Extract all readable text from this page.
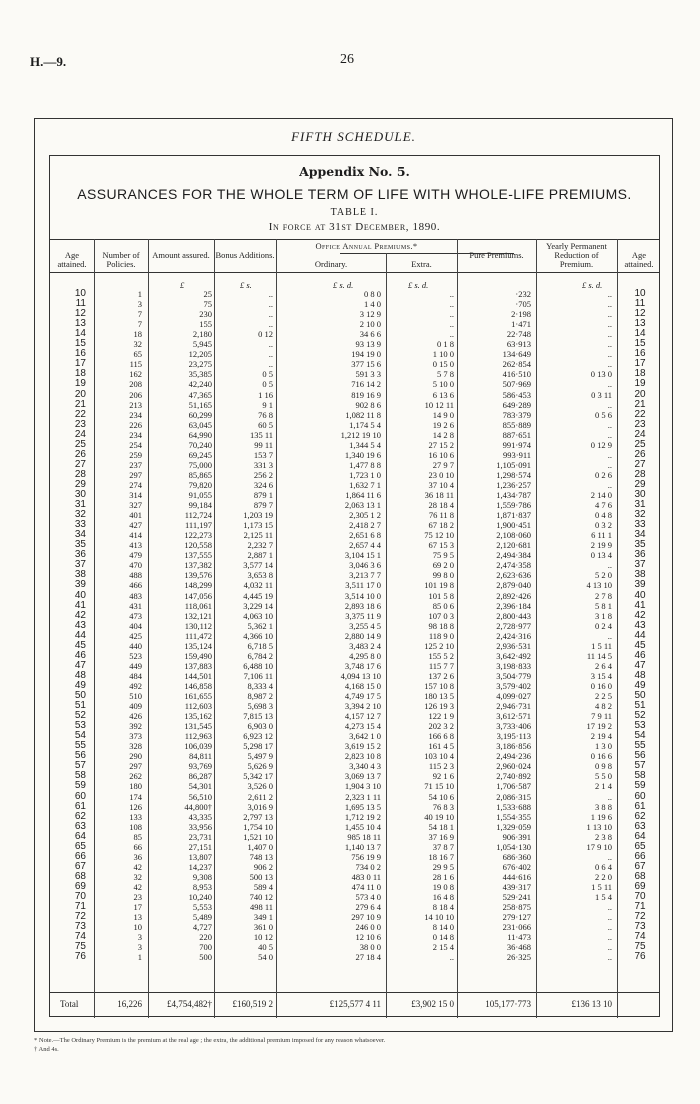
H.—9.	26
FIFTH SCHEDULE.
Appendix No. 5.
ASSURANCES FOR THE WHOLE TERM OF LIFE WITH WHOLE-LIFE PREMIUMS.
TABLE I.
In force at 31st December, 1890.
Age attained.
Number of Policies.
Amount assured. Bonus Additions.
Office Annual Premiums.*
Ordinary.	Extra.
Pure Premiums.
Yearly Permanent Reduction of Premium.
Age attained.
£	£ s.	£ s. d.	£ s. d.	£ s. d.
10	1	25	..	0 8 0	..	·232	..	10
11	3	75	..	1 4 0	..	·705	..	11
12	7	230	..	3 12 9	..	2·198	..	12
13	7	155	..	2 10 0	..	1·471	..	13
14	18	2,180	0 12	34 6 6	..	22·748	..	14
15	32	5,945	..	93 13 9	0 1 8	63·913	..	15
16	65	12,205	..	194 19 0	1 10 0	134·649	..	16
17	115	23,275	..	377 15 6	0 15 0	262·854	..	17
18	162	35,385	0 5	591 3 3	5 7 8	416·510	0 13 0	18
19	208	42,240	0 5	716 14 2	5 10 0	507·969	..	19
20	206	47,365	1 16	819 16 9	6 13 6	586·453	0 3 11	20
21	213	51,165	9 1	902 8 6	10 12 11	649·289	..	21
22	234	60,299	76 8	1,082 11 8	14 9 0	783·379	0 5 6	22
23	226	63,045	60 5	1,174 5 4	19 2 6	855·889	..	23
24	234	64,990	135 11	1,212 19 10	14 2 8	887·651	..	24
25	254	70,240	99 11	1,344 5 4	27 15 2	991·974	0 12 9	25
26	259	69,245	153 7	1,340 19 6	16 10 6	993·911	..	26
27	237	75,000	331 3	1,477 8 8	27 9 7	1,105·091	..	27
28	297	85,865	256 2	1,723 1 0	23 0 10	1,298·574	0 2 6	28
29	274	79,820	324 6	1,632 7 1	37 10 4	1,236·257	..	29
30	314	91,055	879 1	1,864 11 6	36 18 11	1,434·787	2 14 0	30
31	327	99,184	879 7	2,063 13 1	28 18 4	1,559·786	4 7 6	31
32	401	112,724	1,203 19	2,305 1 2	76 11 8	1,871·837	0 4 8	32
33	427	111,197	1,173 15	2,418 2 7	67 18 2	1,900·451	0 3 2	33
34	414	122,273	2,125 11	2,651 6 8	75 12 10	2,108·060	6 11 1	34
35	413	120,558	2,232 7	2,657 4 4	67 15 3	2,120·681	2 19 9	35
36	479	137,555	2,887 1	3,104 15 1	75 9 5	2,494·384	0 13 4	36
37	470	137,382	3,577 14	3,046 3 6	69 2 0	2,474·358	..	37
38	488	139,576	3,653 8	3,213 7 7	99 8 0	2,623·636	5 2 0	38
39	466	148,299	4,032 11	3,511 17 0	101 19 8	2,879·040	4 13 10	39
40	483	147,056	4,445 19	3,514 10 0	101 5 8	2,892·426	2 7 8	40
41	431	118,061	3,229 14	2,893 18 6	85 0 6	2,396·184	5 8 1	41
42	473	132,121	4,063 10	3,375 11 9	107 0 3	2,800·443	3 1 8	42
43	404	130,112	5,362 1	3,255 4 5	98 18 8	2,728·977	0 2 4	43
44	425	111,472	4,366 10	2,880 14 9	118 9 0	2,424·316	..	44
45	440	135,124	6,718 5	3,483 2 4	125 2 10	2,936·531	1 5 11	45
46	523	159,490	6,784 2	4,295 8 0	155 5 2	3,642·492	11 14 5	46
47	449	137,883	6,488 10	3,748 17 6	115 7 7	3,198·833	2 6 4	47
48	484	144,501	7,106 11	4,094 13 10	137 2 6	3,504·779	3 15 4	48
49	492	146,858	8,333 4	4,168 15 0	157 10 8	3,579·402	0 16 0	49
50	510	161,655	8,987 2	4,749 17 5	180 13 5	4,099·027	2 2 5	50
51	409	112,603	5,698 3	3,394 2 10	126 19 3	2,946·731	4 8 2	51
52	426	135,162	7,815 13	4,157 12 7	122 1 9	3,612·571	7 9 11	52
53	392	131,545	6,903 0	4,273 15 4	202 3 2	3,733·406	17 19 2	53
54	373	112,963	6,923 12	3,642 1 0	166 6 8	3,195·113	2 19 4	54
55	328	106,039	5,298 17	3,619 15 2	161 4 5	3,186·856	1 3 0	55
56	290	84,811	5,497 9	2,823 10 8	103 10 4	2,494·236	0 16 6	56
57	297	93,769	5,626 9	3,340 4 3	115 2 3	2,960·024	0 9 8	57
58	262	86,287	5,342 17	3,069 13 7	92 1 6	2,740·892	5 5 0	58
59	180	54,301	3,526 0	1,904 3 10	71 15 10	1,706·587	2 1 4	59
60	174	56,510	2,611 2	2,323 1 11	54 10 6	2,086·315	..	60
61	126	44,800†	3,016 9	1,695 13 5	76 8 3	1,533·688	3 8 8	61
62	133	43,335	2,797 13	1,712 19 2	40 19 10	1,554·355	1 19 6	62
63	108	33,956	1,754 10	1,455 10 4	54 18 1	1,329·059	1 13 10	63
64	85	23,731	1,521 10	985 18 11	37 16 9	906·391	2 3 8	64
65	66	27,151	1,407 0	1,140 13 7	37 8 7	1,054·130	17 9 10	65
66	36	13,807	748 13	756 19 9	18 16 7	686·360	..	66
67	42	14,237	906 2	734 0 2	29 9 5	676·402	0 6 4	67
68	32	9,308	500 13	483 0 11	28 1 6	444·616	2 2 0	68
69	42	8,953	589 4	474 11 0	19 0 8	439·317	1 5 11	69
70	23	10,240	740 12	573 4 0	16 4 8	529·241	1 5 4	70
71	17	5,553	498 11	279 6 4	8 18 4	258·875	..	71
72	13	5,489	349 1	297 10 9	14 10 10	279·127	..	72
73	10	4,727	361 0	246 0 0	8 14 0	231·066	..	73
74	3	220	10 12	12 10 6	0 14 8	11·473	..	74
75	3	700	40 5	38 0 0	2 15 4	36·468	..	75
76	1	500	54 0	27 18 4	..	26·325	..	76
Total	16,226	£4,754,482†	£160,519 2	£125,577 4 11	£3,902 15 0	105,177·773	£136 13 10
* Note.—The Ordinary Premium is the premium at the real age ; the extra, the additional premium imposed for any reason whatsoever.
† And 4s.
